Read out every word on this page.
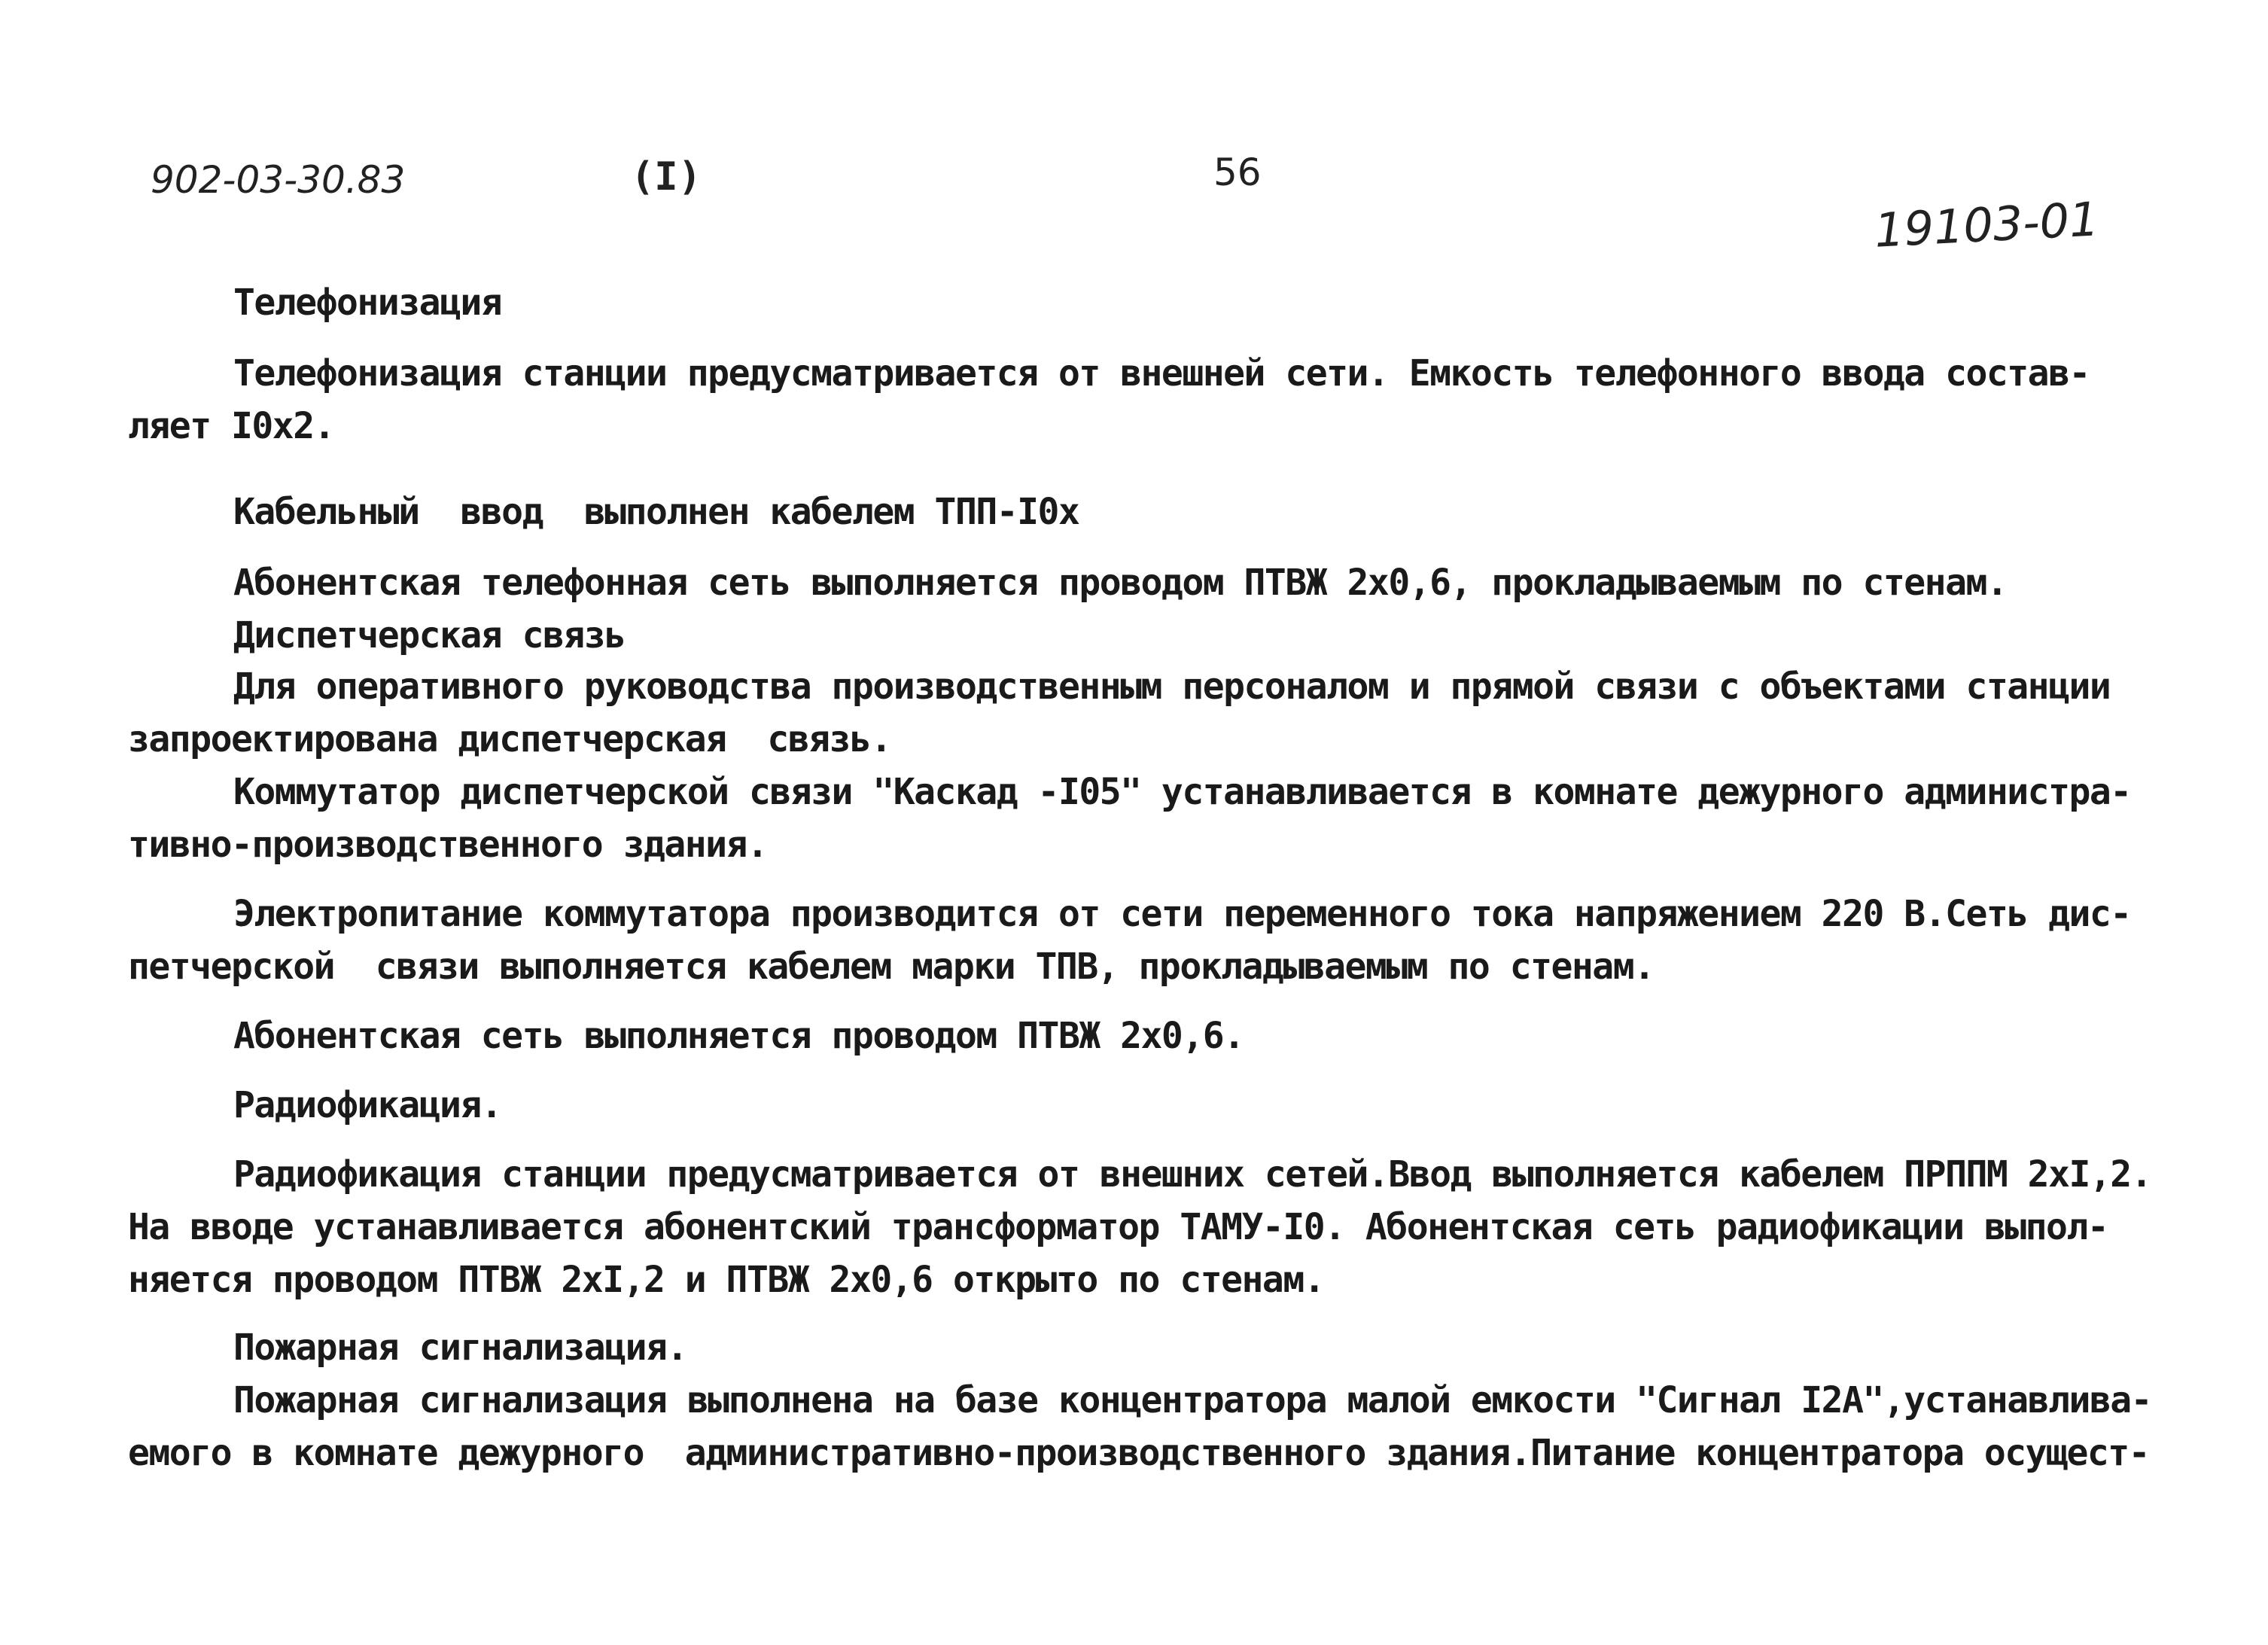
902-03-30.83	(I)	56
19103-01
Телефонизация
Телефонизация станции предусматривается от внешней сети. Емкость телефонного ввода состав-
ляет I0х2.
Кабельный  ввод  выполнен кабелем ТПП-I0х
Абонентская телефонная сеть выполняется проводом ПТВЖ 2х0,6, прокладываемым по стенам.
Диспетчерская связь
Для оперативного руководства производственным персоналом и прямой связи с объектами станции
запроектирована диспетчерская  связь.
Коммутатор диспетчерской связи "Каскад -I05" устанавливается в комнате дежурного администра-
тивно-производственного здания.
Электропитание коммутатора производится от сети переменного тока напряжением 220 В.Сеть дис-
петчерской  связи выполняется кабелем марки ТПВ, прокладываемым по стенам.
Абонентская сеть выполняется проводом ПТВЖ 2х0,6.
Радиофикация.
Радиофикация станции предусматривается от внешних сетей.Ввод выполняется кабелем ПРППМ 2хI,2.
На вводе устанавливается абонентский трансформатор ТАМУ-I0. Абонентская сеть радиофикации выпол-
няется проводом ПТВЖ 2хI,2 и ПТВЖ 2х0,6 открыто по стенам.
Пожарная сигнализация.
Пожарная сигнализация выполнена на базе концентратора малой емкости "Сигнал I2А",устанавлива-
емого в комнате дежурного  административно-производственного здания.Питание концентратора осущест-
